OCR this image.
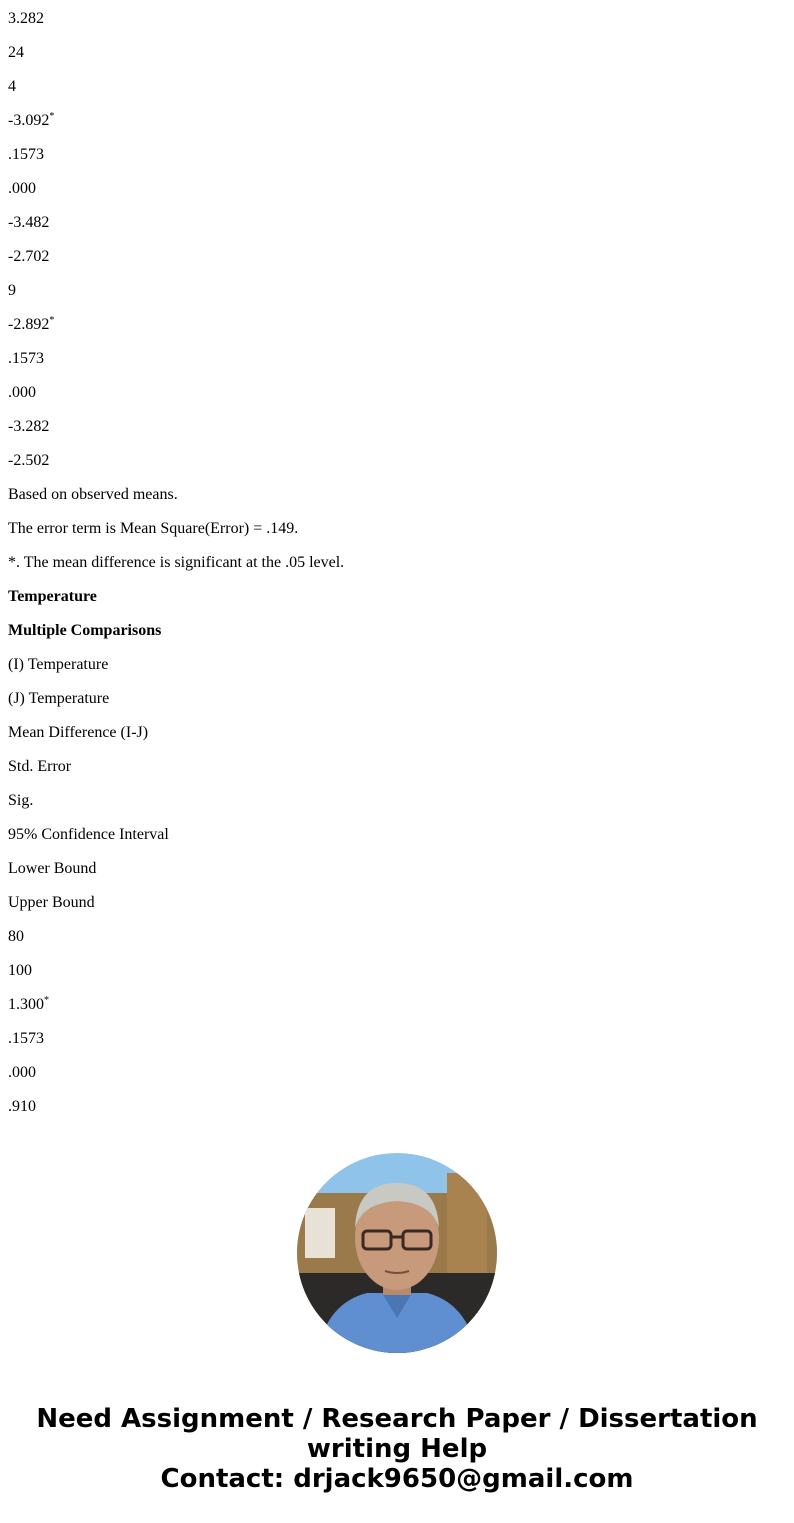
3.282
24
4
-3.092*
.1573
.000
-3.482
-2.702
9
-2.892*
.1573
.000
-3.282
-2.502
Based on observed means.
The error term is Mean Square(Error) = .149.
*. The mean difference is significant at the .05 level.
Temperature
Multiple Comparisons
(I) Temperature
(J) Temperature
Mean Difference (I-J)
Std. Error
Sig.
95% Confidence Interval
Lower Bound
Upper Bound
80
100
1.300*
.1573
.000
.910
Need Assignment / Research Paper / Dissertation
writing Help
Contact: drjack9650@gmail.com
